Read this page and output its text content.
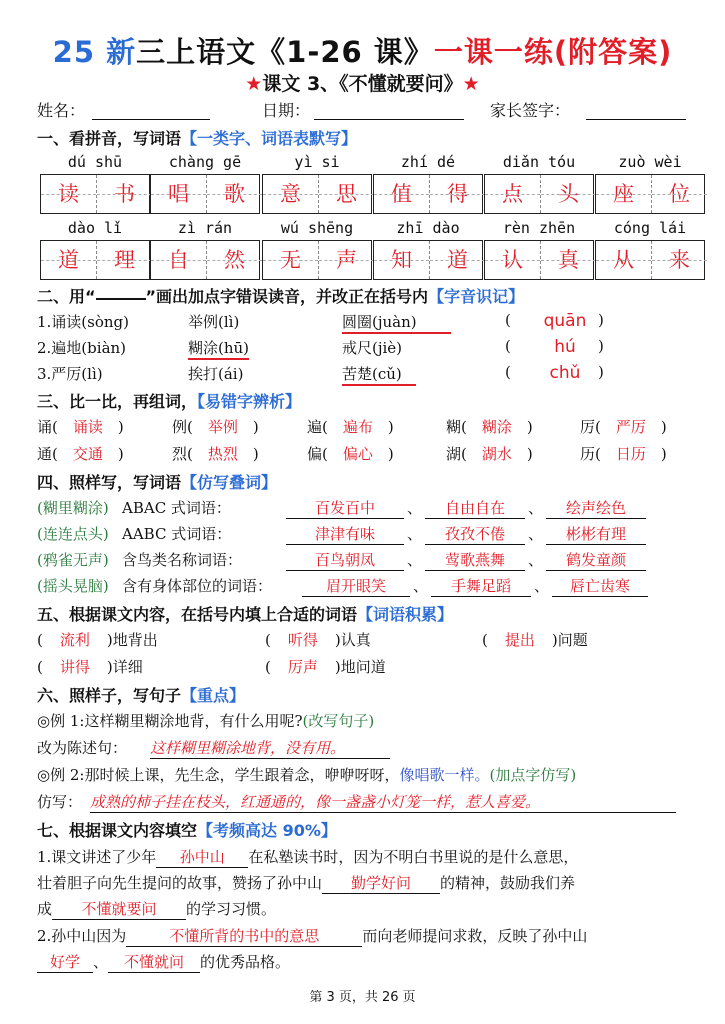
25 新三上语文《1-26 课》一课一练(附答案)
★课文 3、《不懂就要问》★
姓名：	日期：	家长签字：
一、看拼音，写词语【一类字、词语表默写】
dú shū	chàng gē	yì si	zhí dé	diǎn tóu	zuò wèi
读	书	唱	歌	意	思	值	得	点	头	座	位
dào lǐ	zì rán	wú shēng	zhī dào	rèn zhēn	cóng lái
道	理	自	然	无	声	知	道	认	真	从	来
二、用“	”画出加点字错误读音，并改正在括号内【字音识记】
1.诵读(sòng)	举例(lì)	圆圈(juàn)	(	quān )
2.遍地(biàn)	糊涂(hū)	戒尺(jiè)	(	hú	)
3.严厉(lì)	挨打(ái)	苦楚(cǔ)	(	chǔ	)
三、比一比，再组词，【易错字辨析】
诵( 诵读 )	例( 举例 )	遍( 遍布 )	糊( 糊涂 )	厉( 严厉 )
通( 交通 )	烈( 热烈 )	偏( 偏心 )	湖( 湖水 )	历( 日历 )
四、照样写，写词语【仿写叠词】
(糊里糊涂) ABAC 式词语：	百发百中	、	自由自在	、	绘声绘色
(连连点头) AABC 式词语：	津津有味	、	孜孜不倦	、	彬彬有理
(鸦雀无声) 含鸟类名称词语：	百鸟朝凤	、	莺歌燕舞	、	鹤发童颜
(摇头晃脑) 含有身体部位的词语：	眉开眼笑	、	手舞足蹈	、	唇亡齿寒
五、根据课文内容，在括号内填上合适的词语【词语积累】
( 流利 )地背出	( 听得 )认真	( 提出 )问题
( 讲得 )详细	( 厉声 )地问道
六、照样子，写句子【重点】
◎例 1:这样糊里糊涂地背，有什么用呢?(改写句子)
改为陈述句： 这样糊里糊涂地背，没有用。
◎例 2:那时候上课，先生念，学生跟着念，咿咿呀呀，像唱歌一样。(加点字仿写)
仿写： 成熟的柿子挂在枝头，红通通的，像一盏盏小灯笼一样，惹人喜爱。
七、根据课文内容填空【考频高达 90%】
1.课文讲述了少年 孙中山 在私塾读书时，因为不明白书里说的是什么意思，
壮着胆子向先生提问的故事，赞扬了孙中山 勤学好问 的精神，鼓励我们养
成 不懂就要问 的学习习惯。
2.孙中山因为	不懂所背的书中的意思	而向老师提问求救，反映了孙中山
好学 、 不懂就问 的优秀品格。
第 3 页，共 26 页
